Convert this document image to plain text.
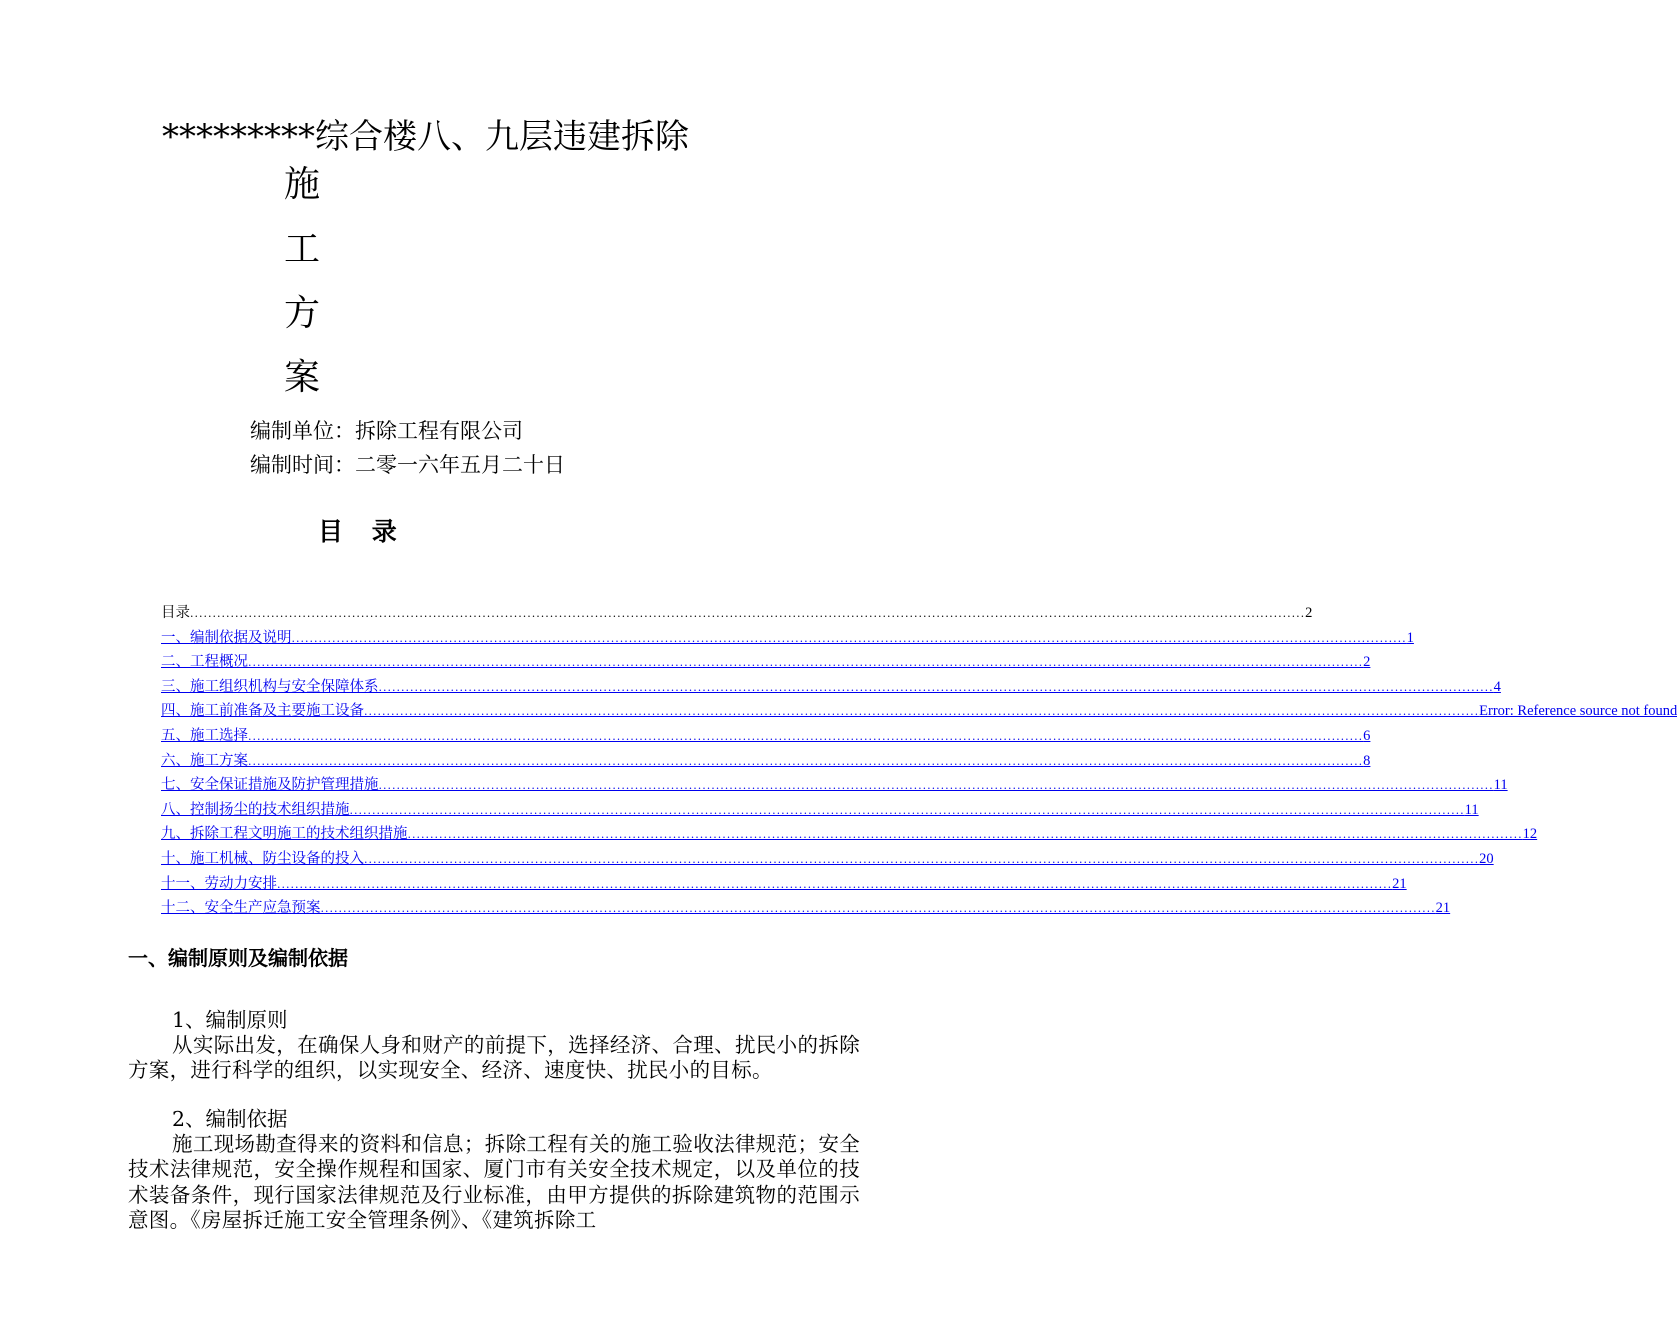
*********综合楼八、九层违建拆除
施
工
方
案
编制单位：拆除工程有限公司
编制时间：二零一六年五月二十日
目 录
目录 ........................................................................................................................................................................................................................................................ 2
一、编制依据及说明 ........................................................................................................................................................................................................................................................ 1
二、工程概况 ........................................................................................................................................................................................................................................................ 2
三、施工组织机构与安全保障体系 ........................................................................................................................................................................................................................................................ 4
四、施工前准备及主要施工设备 ........................................................................................................................................................................................................................................................ Error: Reference source not found
五、施工选择 ........................................................................................................................................................................................................................................................ 6
六、施工方案 ........................................................................................................................................................................................................................................................ 8
七、安全保证措施及防护管理措施 ........................................................................................................................................................................................................................................................ 11
八、控制扬尘的技术组织措施 ........................................................................................................................................................................................................................................................ 11
九、拆除工程文明施工的技术组织措施 ........................................................................................................................................................................................................................................................ 12
十、施工机械、防尘设备的投入 ........................................................................................................................................................................................................................................................ 20
十一、劳动力安排 ........................................................................................................................................................................................................................................................ 21
十二、安全生产应急预案 ........................................................................................................................................................................................................................................................ 21
一、编制原则及编制依据
1、编制原则

从实际出发，在确保人身和财产的前提下，选择经济、合理、扰民小的拆除方案，进行科学的组织，以实现安全、经济、速度快、扰民小的目标。

2、编制依据

施工现场勘查得来的资料和信息；拆除工程有关的施工验收法律规范；安全技术法律规范，安全操作规程和国家、厦门市有关安全技术规定，以及单位的技术装备条件，现行国家法律规范及行业标准，由甲方提供的拆除建筑物的范围示意图。《房屋拆迁施工安全管理条例》、《建筑拆除工
